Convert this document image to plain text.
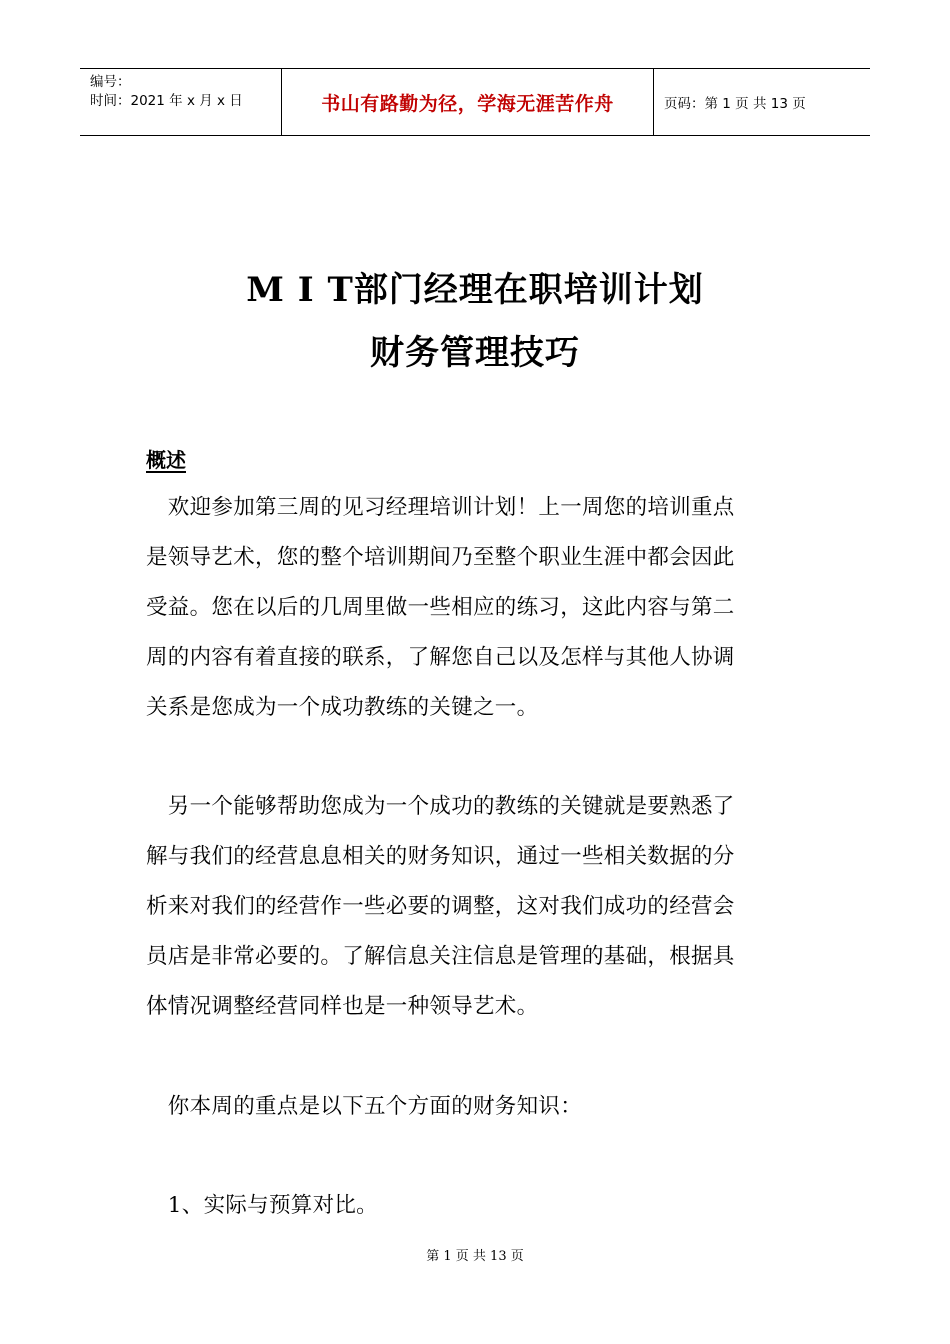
编号：
时间：2021 年 x 月 x 日	书山有路勤为径，学海无涯苦作舟	页码：第 1 页 共 13 页
M I T部门经理在职培训计划
财务管理技巧
概述
　欢迎参加第三周的见习经理培训计划！上一周您的培训重点
是领导艺术，您的整个培训期间乃至整个职业生涯中都会因此
受益。您在以后的几周里做一些相应的练习，这此内容与第二
周的内容有着直接的联系，了解您自己以及怎样与其他人协调
关系是您成为一个成功教练的关键之一。
　另一个能够帮助您成为一个成功的教练的关键就是要熟悉了
解与我们的经营息息相关的财务知识，通过一些相关数据的分
析来对我们的经营作一些必要的调整，这对我们成功的经营会
员店是非常必要的。了解信息关注信息是管理的基础，根据具
体情况调整经营同样也是一种领导艺术。
　你本周的重点是以下五个方面的财务知识：
　1、实际与预算对比。
第 1 页 共 13 页
